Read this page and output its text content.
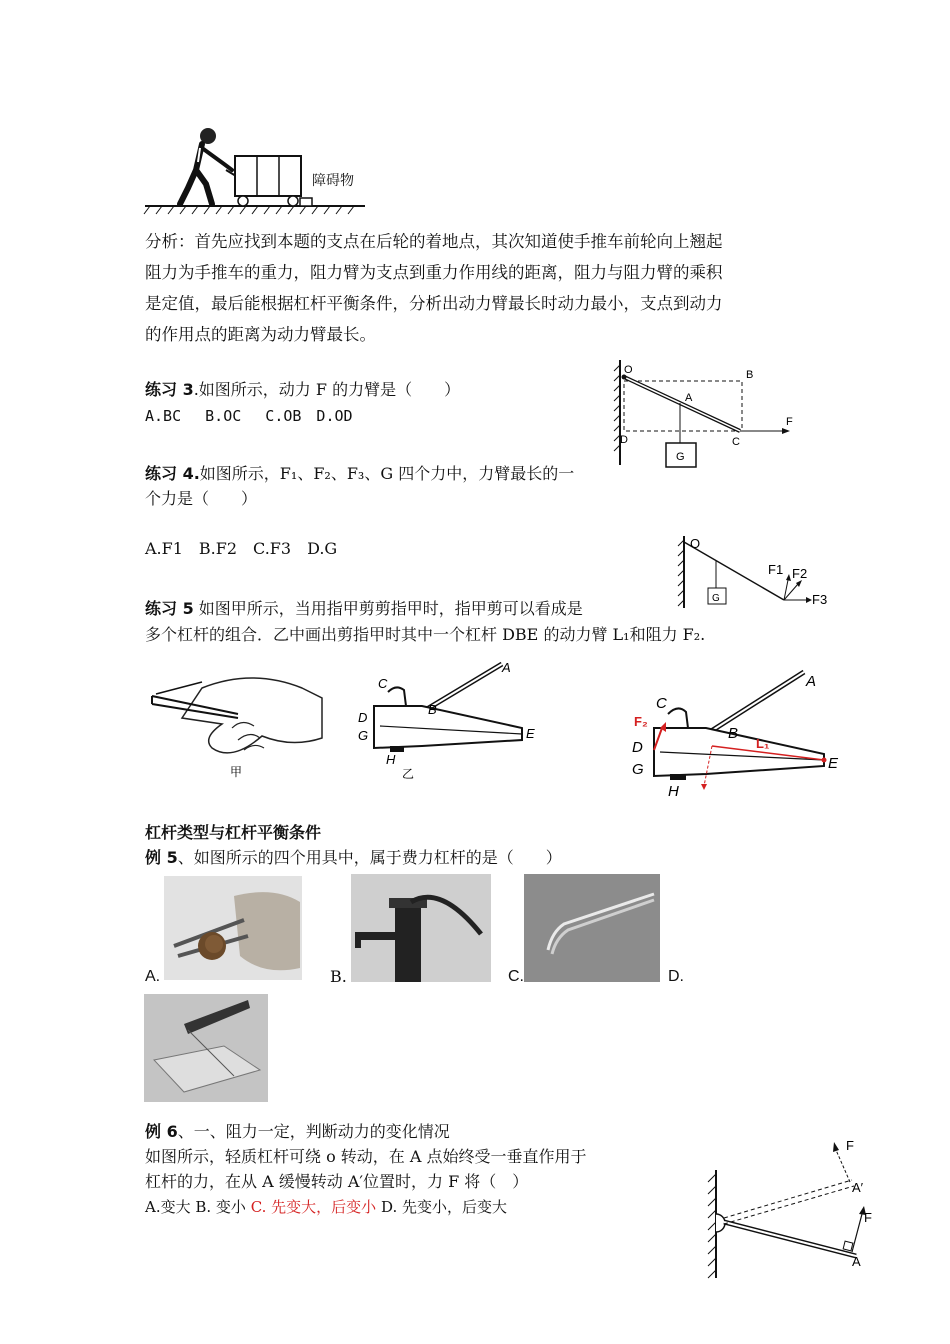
障碍物
分析：首先应找到本题的支点在后轮的着地点，其次知道使手推车前轮向上翘起
阻力为手推车的重力，阻力臂为支点到重力作用线的距离，阻力与阻力臂的乘积
是定值，最后能根据杠杆平衡条件，分析出动力臂最长时动力最小，支点到动力
的作用点的距离为动力臂最长。
练习 3.如图所示，动力 F 的力臂是（　　）
A.BC　 B.OC　 C.OB　D.OD
O	B
A
D	C
F
G
练习 4.如图所示，F₁、F₂、F₃、G 四个力中，力臂最长的一
个力是（　　）
A.F1　B.F2　C.F3　D.G	O
G
F1 F2
F3
练习 5 如图甲所示，当用指甲剪剪指甲时，指甲剪可以看成是
多个杠杆的组合．乙中画出剪指甲时其中一个杠杆 DBE 的动力臂 L₁和阻力 F₂.
甲
A
B
C
D
G	E
H
乙
A
B
C
D
G	E
H
F₂
L₁
杠杆类型与杠杆平衡条件
例 5、如图所示的四个用具中，属于费力杠杆的是（　　）
A.	B.	C.	D.
例 6、一、阻力一定，判断动力的变化情况
如图所示，轻质杠杆可绕 o 转动，在 A 点始终受一垂直作用于
杠杆的力，在从 A 缓慢转动 A′位置时，力 F 将（　）
A.变大 B. 变小 C. 先变大，后变小 D. 先变小，后变大
F
A′
F
A
